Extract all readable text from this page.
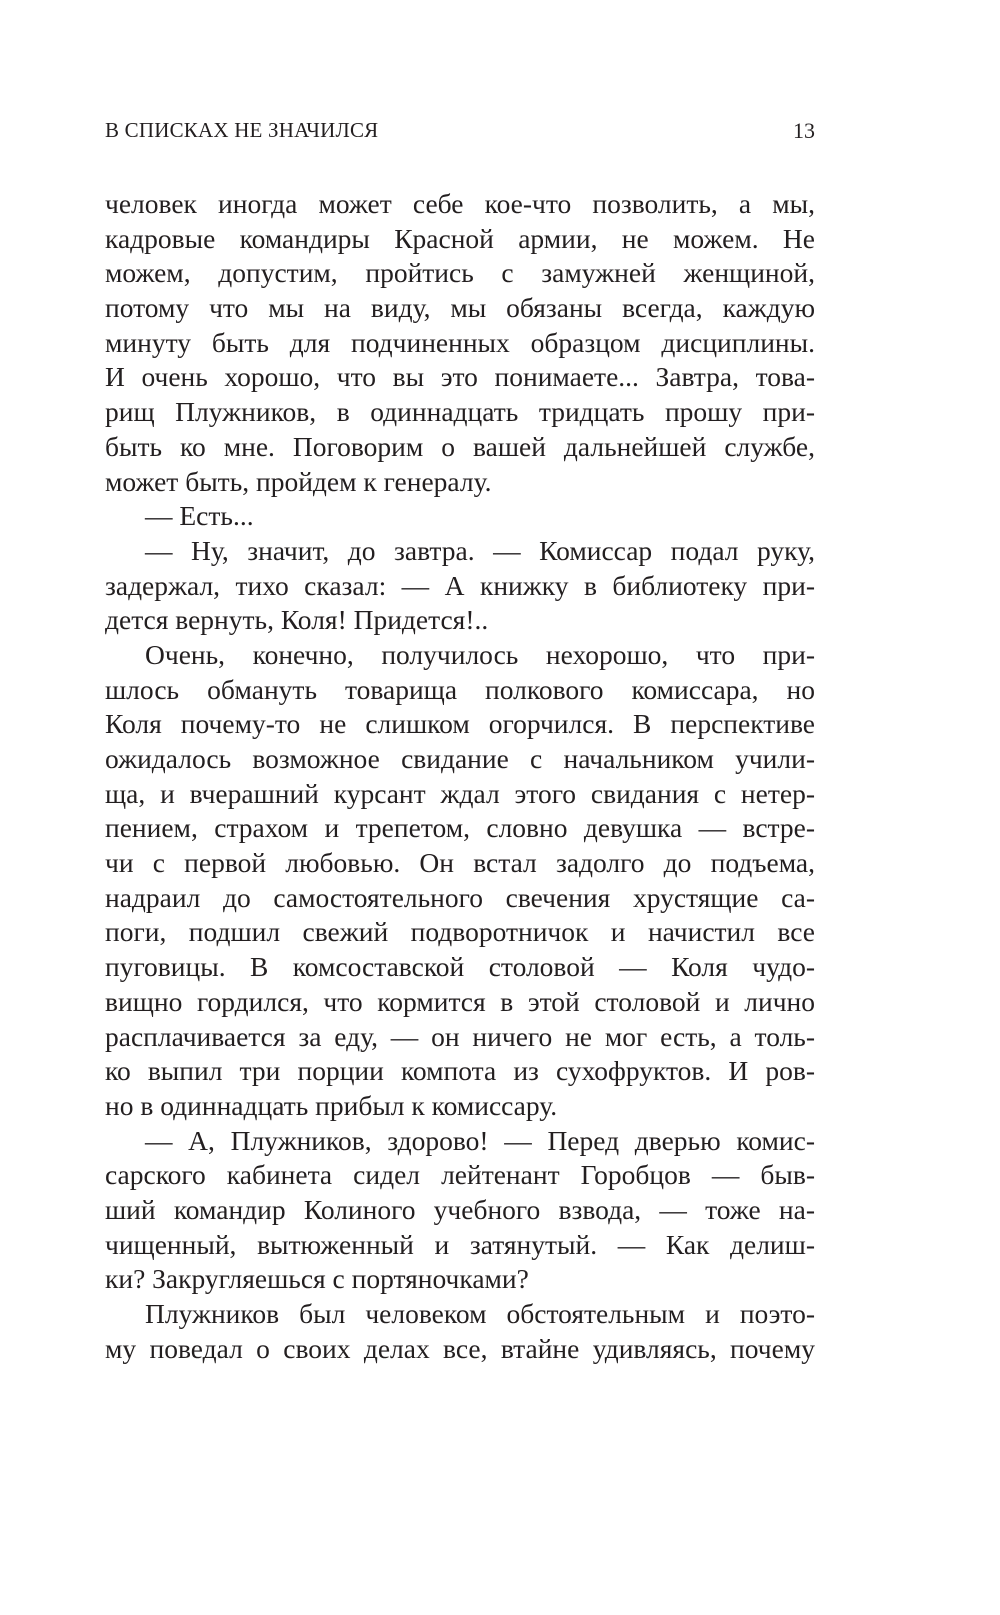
В СПИСКАХ НЕ ЗНАЧИЛСЯ	13
человек иногда может себе кое-что позволить, а мы,
кадровые командиры Красной армии, не можем. Не
можем, допустим, пройтись с замужней женщиной,
потому что мы на виду, мы обязаны всегда, каждую
минуту быть для подчиненных образцом дисциплины.
И очень хорошо, что вы это понимаете... Завтра, това-
рищ Плужников, в одиннадцать тридцать прошу при-
быть ко мне. Поговорим о вашей дальнейшей службе,
может быть, пройдем к генералу.
— Есть...
— Ну, значит, до завтра. — Комиссар подал руку,
задержал, тихо сказал: — А книжку в библиотеку при-
дется вернуть, Коля! Придется!..
Очень, конечно, получилось нехорошо, что при-
шлось обмануть товарища полкового комиссара, но
Коля почему-то не слишком огорчился. В перспективе
ожидалось возможное свидание с начальником учили-
ща, и вчерашний курсант ждал этого свидания с нетер-
пением, страхом и трепетом, словно девушка — встре-
чи с первой любовью. Он встал задолго до подъема,
надраил до самостоятельного свечения хрустящие са-
поги, подшил свежий подворотничок и начистил все
пуговицы. В комсоставской столовой — Коля чудо-
вищно гордился, что кормится в этой столовой и лично
расплачивается за еду, — он ничего не мог есть, а толь-
ко выпил три порции компота из сухофруктов. И ров-
но в одиннадцать прибыл к комиссару.
— А, Плужников, здорово! — Перед дверью комис-
сарского кабинета сидел лейтенант Горобцов — быв-
ший командир Колиного учебного взвода, — тоже на-
чищенный, вытюженный и затянутый. — Как делиш-
ки? Закругляешься с портяночками?
Плужников был человеком обстоятельным и поэто-
му поведал о своих делах все, втайне удивляясь, почему
